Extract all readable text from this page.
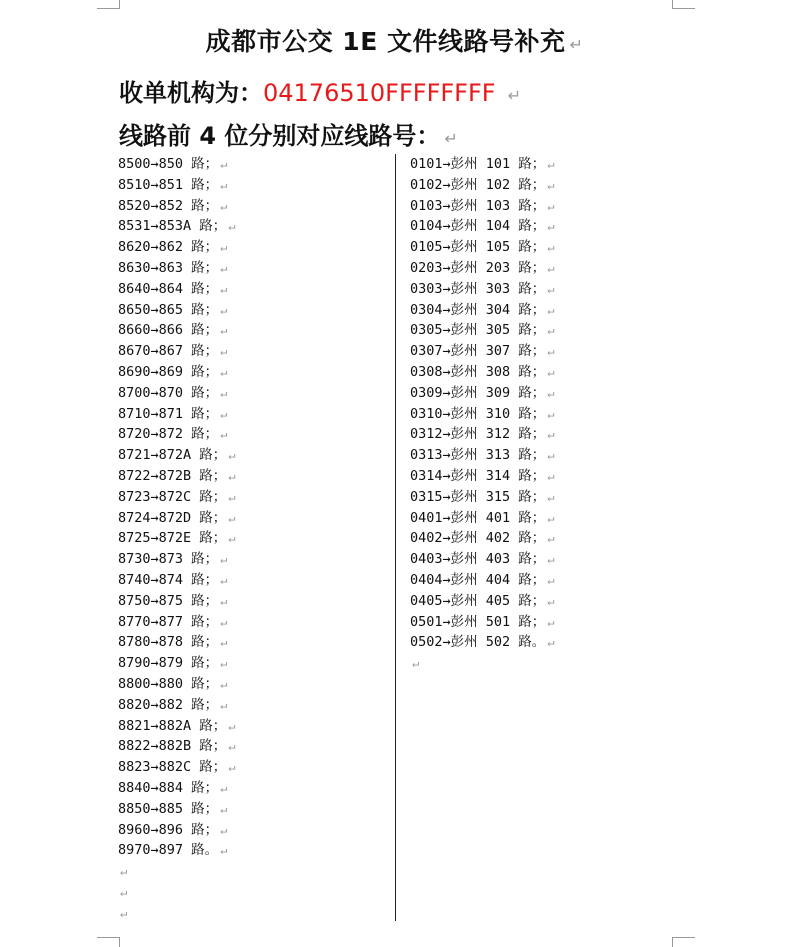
成都市公交 1E 文件线路号补充 ↵
收单机构为：04176510FFFFFFFF ↵
线路前 4 位分别对应线路号： ↵
8500→850 路； ↵
8510→851 路； ↵
8520→852 路； ↵
8531→853A 路； ↵
8620→862 路； ↵
8630→863 路； ↵
8640→864 路； ↵
8650→865 路； ↵
8660→866 路； ↵
8670→867 路； ↵
8690→869 路； ↵
8700→870 路； ↵
8710→871 路； ↵
8720→872 路； ↵
8721→872A 路； ↵
8722→872B 路； ↵
8723→872C 路； ↵
8724→872D 路； ↵
8725→872E 路； ↵
8730→873 路； ↵
8740→874 路； ↵
8750→875 路； ↵
8770→877 路； ↵
8780→878 路； ↵
8790→879 路； ↵
8800→880 路； ↵
8820→882 路； ↵
8821→882A 路； ↵
8822→882B 路； ↵
8823→882C 路； ↵
8840→884 路； ↵
8850→885 路； ↵
8960→896 路； ↵
8970→897 路。 ↵
↵
↵
↵
0101→彭州 101 路； ↵
0102→彭州 102 路； ↵
0103→彭州 103 路； ↵
0104→彭州 104 路； ↵
0105→彭州 105 路； ↵
0203→彭州 203 路； ↵
0303→彭州 303 路； ↵
0304→彭州 304 路； ↵
0305→彭州 305 路； ↵
0307→彭州 307 路； ↵
0308→彭州 308 路； ↵
0309→彭州 309 路； ↵
0310→彭州 310 路； ↵
0312→彭州 312 路； ↵
0313→彭州 313 路； ↵
0314→彭州 314 路； ↵
0315→彭州 315 路； ↵
0401→彭州 401 路； ↵
0402→彭州 402 路； ↵
0403→彭州 403 路； ↵
0404→彭州 404 路； ↵
0405→彭州 405 路； ↵
0501→彭州 501 路； ↵
0502→彭州 502 路。 ↵
↵
